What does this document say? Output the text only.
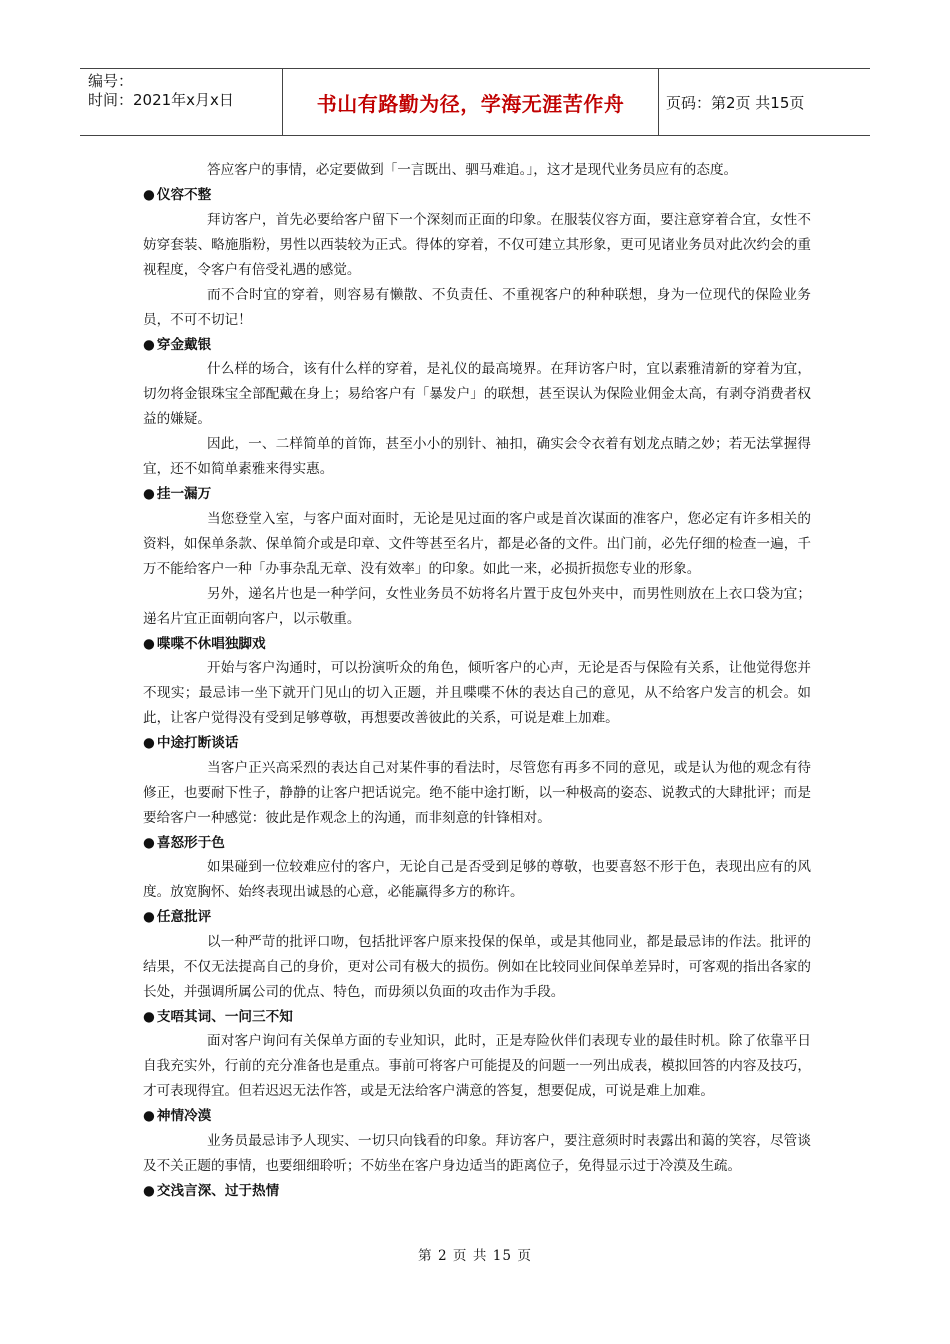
编号：
时间：2021年x月x日	书山有路勤为径，学海无涯苦作舟	页码：第2页 共15页

答应客户的事情，必定要做到「一言既出、驷马难追。」，这才是现代业务员应有的态度。

● 仪容不整

拜访客户，首先必要给客户留下一个深刻而正面的印象。在服装仪容方面，要注意穿着合宜，女性不妨穿套装、略施脂粉，男性以西装较为正式。得体的穿着，不仅可建立其形象，更可见诸业务员对此次约会的重视程度，令客户有倍受礼遇的感觉。

而不合时宜的穿着，则容易有懒散、不负责任、不重视客户的种种联想，身为一位现代的保险业务员，不可不切记！

● 穿金戴银

什么样的场合，该有什么样的穿着，是礼仪的最高境界。在拜访客户时，宜以素雅清新的穿着为宜，切勿将金银珠宝全部配戴在身上；易给客户有「暴发户」的联想，甚至误认为保险业佣金太高，有剥夺消费者权益的嫌疑。

因此，一、二样简单的首饰，甚至小小的别针、袖扣，确实会令衣着有划龙点睛之妙；若无法掌握得宜，还不如简单素雅来得实惠。

● 挂一漏万

当您登堂入室，与客户面对面时，无论是见过面的客户或是首次谋面的准客户，您必定有许多相关的资料，如保单条款、保单简介或是印章、文件等甚至名片，都是必备的文件。出门前，必先仔细的检查一遍，千万不能给客户一种「办事杂乱无章、没有效率」的印象。如此一来，必损折损您专业的形象。

另外，递名片也是一种学问，女性业务员不妨将名片置于皮包外夹中，而男性则放在上衣口袋为宜；递名片宜正面朝向客户，以示敬重。

● 喋喋不休唱独脚戏

开始与客户沟通时，可以扮演听众的角色，倾听客户的心声，无论是否与保险有关系，让他觉得您并不现实；最忌讳一坐下就开门见山的切入正题，并且喋喋不休的表达自己的意见，从不给客户发言的机会。如此，让客户觉得没有受到足够尊敬，再想要改善彼此的关系，可说是难上加难。

● 中途打断谈话

当客户正兴高采烈的表达自己对某件事的看法时，尽管您有再多不同的意见，或是认为他的观念有待修正，也要耐下性子，静静的让客户把话说完。绝不能中途打断，以一种极高的姿态、说教式的大肆批评；而是要给客户一种感觉：彼此是作观念上的沟通，而非刻意的针锋相对。

● 喜怒形于色

如果碰到一位较难应付的客户，无论自己是否受到足够的尊敬，也要喜怒不形于色，表现出应有的风度。放宽胸怀、始终表现出诚恳的心意，必能赢得多方的称许。

● 任意批评

以一种严苛的批评口吻，包括批评客户原来投保的保单，或是其他同业，都是最忌讳的作法。批评的结果，不仅无法提高自己的身价，更对公司有极大的损伤。例如在比较同业间保单差异时，可客观的指出各家的长处，并强调所属公司的优点、特色，而毋须以负面的攻击作为手段。

● 支唔其词、一问三不知

面对客户询问有关保单方面的专业知识，此时，正是寿险伙伴们表现专业的最佳时机。除了依靠平日自我充实外，行前的充分准备也是重点。事前可将客户可能提及的问题一一列出成表，模拟回答的内容及技巧，才可表现得宜。但若迟迟无法作答，或是无法给客户满意的答复，想要促成，可说是难上加难。

● 神情冷漠

业务员最忌讳予人现实、一切只向钱看的印象。拜访客户，要注意须时时表露出和蔼的笑容，尽管谈及不关正题的事情，也要细细聆听；不妨坐在客户身边适当的距离位子，免得显示过于冷漠及生疏。

● 交浅言深、过于热情

第 2 页 共 15 页
